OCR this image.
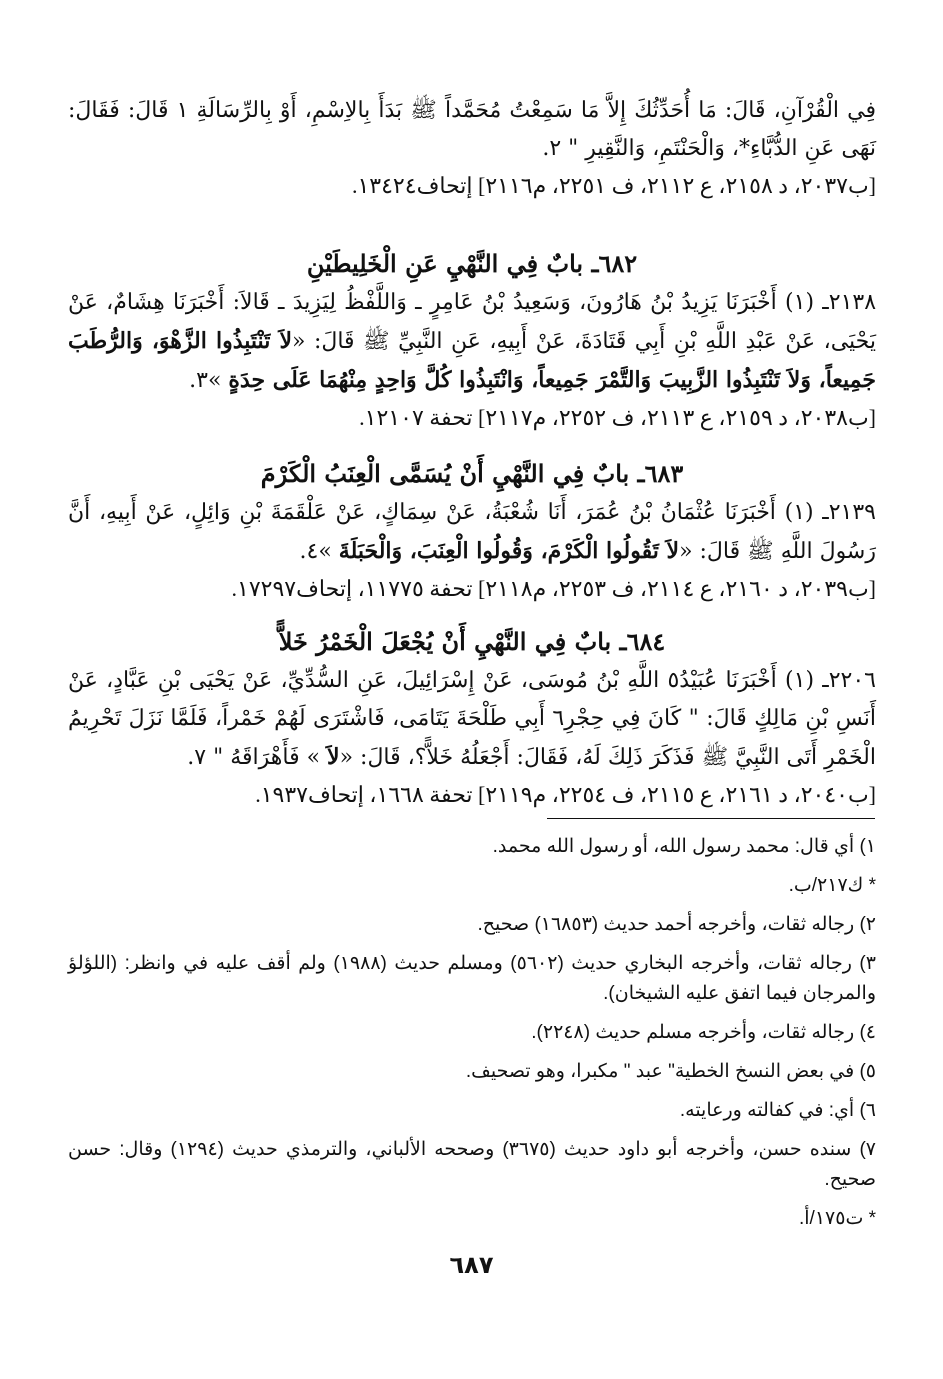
فِي الْقُرْآنِ، قَالَ: مَا أُحَدِّثُكَ إِلاَّ مَا سَمِعْتُ مُحَمَّداً ﷺ بَدَأَ بِالاِسْمِ، أَوْ بِالرِّسَالَةِ ١ قَالَ: فَقَالَ: نَهَى عَنِ الدُّبَّاءِ*، وَالْحَنْتَمِ، وَالنَّقِيرِ " ٢.

[ب٢٠٣٧، د ٢١٥٨، ع ٢١١٢، ف ٢٢٥١، م٢١١٦] إتحاف١٣٤٢٤.

٦٨٢ـ بابٌ فِي النَّهْيِ عَنِ الْخَلِيطَيْنِ

٢١٣٨ـ (١) أَخْبَرَنَا يَزِيدُ بْنُ هَارُونَ، وَسَعِيدُ بْنُ عَامِرٍ ـ وَاللَّفْظُ لِيَزِيدَ ـ قَالاَ: أَخْبَرَنَا هِشَامٌ، عَنْ يَحْيَى، عَنْ عَبْدِ اللَّهِ بْنِ أَبِي قَتَادَةَ، عَنْ أَبِيهِ، عَنِ النَّبِيِّ ﷺ قَالَ: «لاَ تَنْتَبِذُوا الزَّهْوَ، وَالرُّطَبَ جَمِيعاً، وَلاَ تَنْتَبِذُوا الزَّبِيبَ وَالتَّمْرَ جَمِيعاً، وَانْتَبِذُوا كُلَّ وَاحِدٍ مِنْهُمَا عَلَى حِدَةٍ »٣.

[ب٢٠٣٨، د ٢١٥٩، ع ٢١١٣، ف ٢٢٥٢، م٢١١٧] تحفة ١٢١٠٧.

٦٨٣ـ بابٌ فِي النَّهْيِ أَنْ يُسَمَّى الْعِنَبُ الْكَرْمَ

٢١٣٩ـ (١) أَخْبَرَنَا عُثْمَانُ بْنُ عُمَرَ، أَنَا شُعْبَةُ، عَنْ سِمَاكٍ، عَنْ عَلْقَمَةَ بْنِ وَائِلٍ، عَنْ أَبِيهِ، أَنَّ رَسُولَ اللَّهِ ﷺ قَالَ: «لاَ تَقُولُوا الْكَرْمَ، وَقُولُوا الْعِنَبَ، وَالْحَبَلَةَ »٤.

[ب٢٠٣٩، د ٢١٦٠، ع ٢١١٤، ف ٢٢٥٣، م٢١١٨] تحفة ١١٧٧٥، إتحاف١٧٢٩٧.

٦٨٤ـ بابٌ فِي النَّهْيِ أَنْ يُجْعَلَ الْخَمْرُ خَلاًّ

٢٢٠٦ـ (١) أَخْبَرَنَا عُبَيْدُ٥ اللَّهِ بْنُ مُوسَى، عَنْ إِسْرَائِيلَ، عَنِ السُّدِّيِّ، عَنْ يَحْيَى بْنِ عَبَّادٍ، عَنْ أَنَسِ بْنِ مَالِكٍ قَالَ: " كَانَ فِي حِجْرِ٦ أَبِي طَلْحَةَ يَتَامَى، فَاشْتَرَى لَهُمْ خَمْراً، فَلَمَّا نَزَلَ تَحْرِيمُ الْخَمْرِ أَتَى النَّبِيَّ ﷺ فَذَكَرَ ذَلِكَ لَهُ، فَقَالَ: أَجْعَلُهُ خَلاًّ؟، قَالَ: «لاَ » فَأَهْرَاقَهُ " ٧.

[ب٢٠٤٠، د ٢١٦١، ع ٢١١٥، ف ٢٢٥٤، م٢١١٩] تحفة ١٦٦٨، إتحاف١٩٣٧.

١) أي قال: محمد رسول الله، أو رسول الله محمد.

* ك٢١٧/ب.

٢) رجاله ثقات، وأخرجه أحمد حديث (١٦٨٥٣) صحيح.

٣) رجاله ثقات، وأخرجه البخاري حديث (٥٦٠٢) ومسلم حديث (١٩٨٨) ولم أقف عليه في وانظر: (اللؤلؤ والمرجان فيما اتفق عليه الشيخان).

٤) رجاله ثقات، وأخرجه مسلم حديث (٢٢٤٨).

٥) في بعض النسخ الخطية" عبد " مكبرا، وهو تصحيف.

٦) أي: في كفالته ورعايته.

٧) سنده حسن، وأخرجه أبو داود حديث (٣٦٧٥) وصححه الألباني، والترمذي حديث (١٢٩٤) وقال: حسن صحيح.

* ت١٧٥/أ.

٦٨٧
